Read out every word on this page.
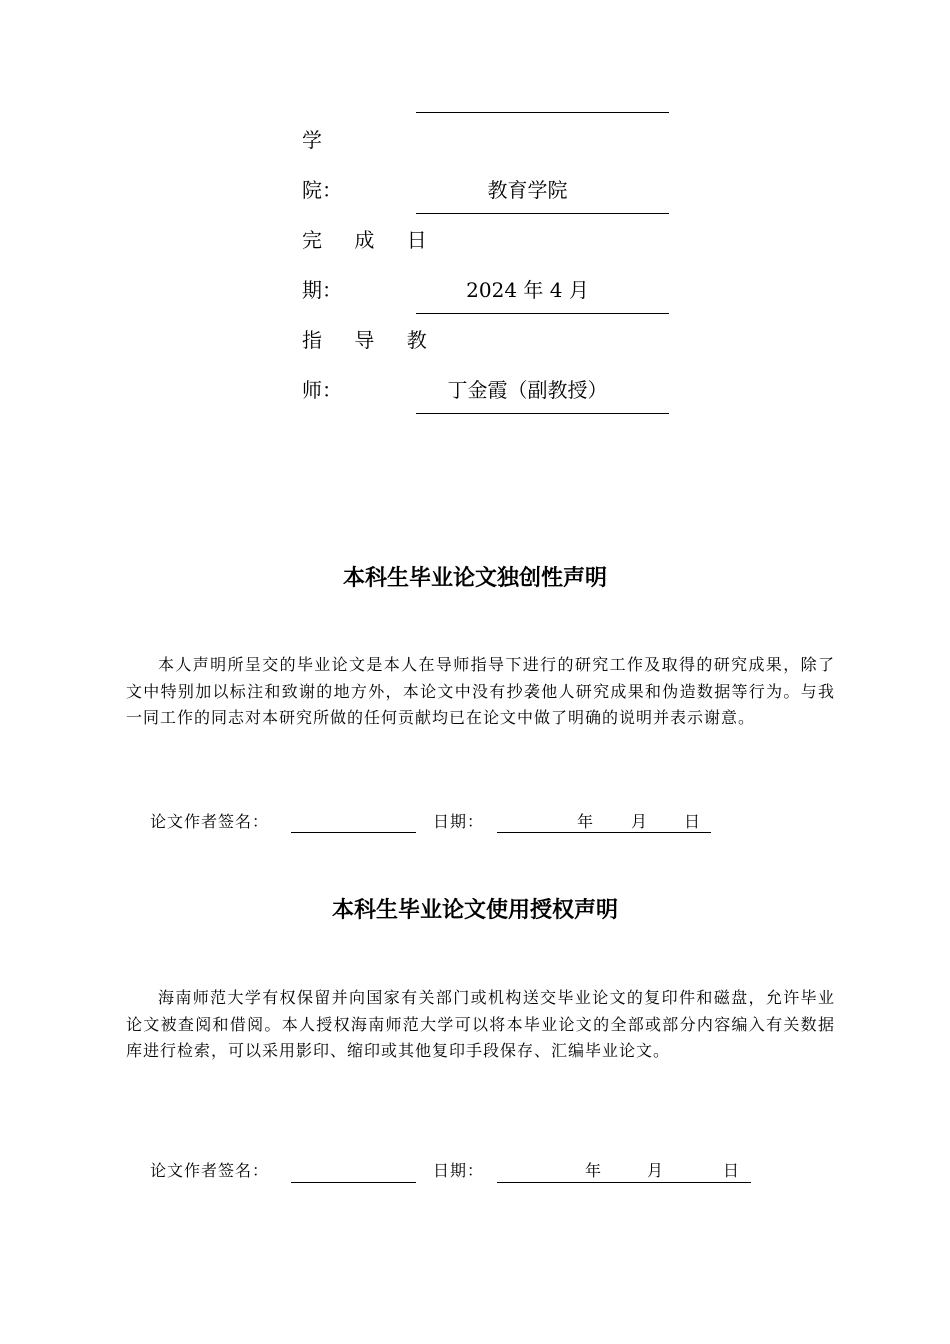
学
院：	教育学院
完 成 日
期：	2024 年 4 月
指 导 教
师：	丁金霞（副教授）
本科生毕业论文独创性声明

本人声明所呈交的毕业论文是本人在导师指导下进行的研究工作及取得的研究成果，除了文中特别加以标注和致谢的地方外，本论文中没有抄袭他人研究成果和伪造数据等行为。与我一同工作的同志对本研究所做的任何贡献均已在论文中做了明确的说明并表示谢意。

论文作者签名：	日期：	年 月 日
本科生毕业论文使用授权声明

海南师范大学有权保留并向国家有关部门或机构送交毕业论文的复印件和磁盘，允许毕业论文被查阅和借阅。本人授权海南师范大学可以将本毕业论文的全部或部分内容编入有关数据库进行检索，可以采用影印、缩印或其他复印手段保存、汇编毕业论文。

论文作者签名：	日期：	年	月	日
